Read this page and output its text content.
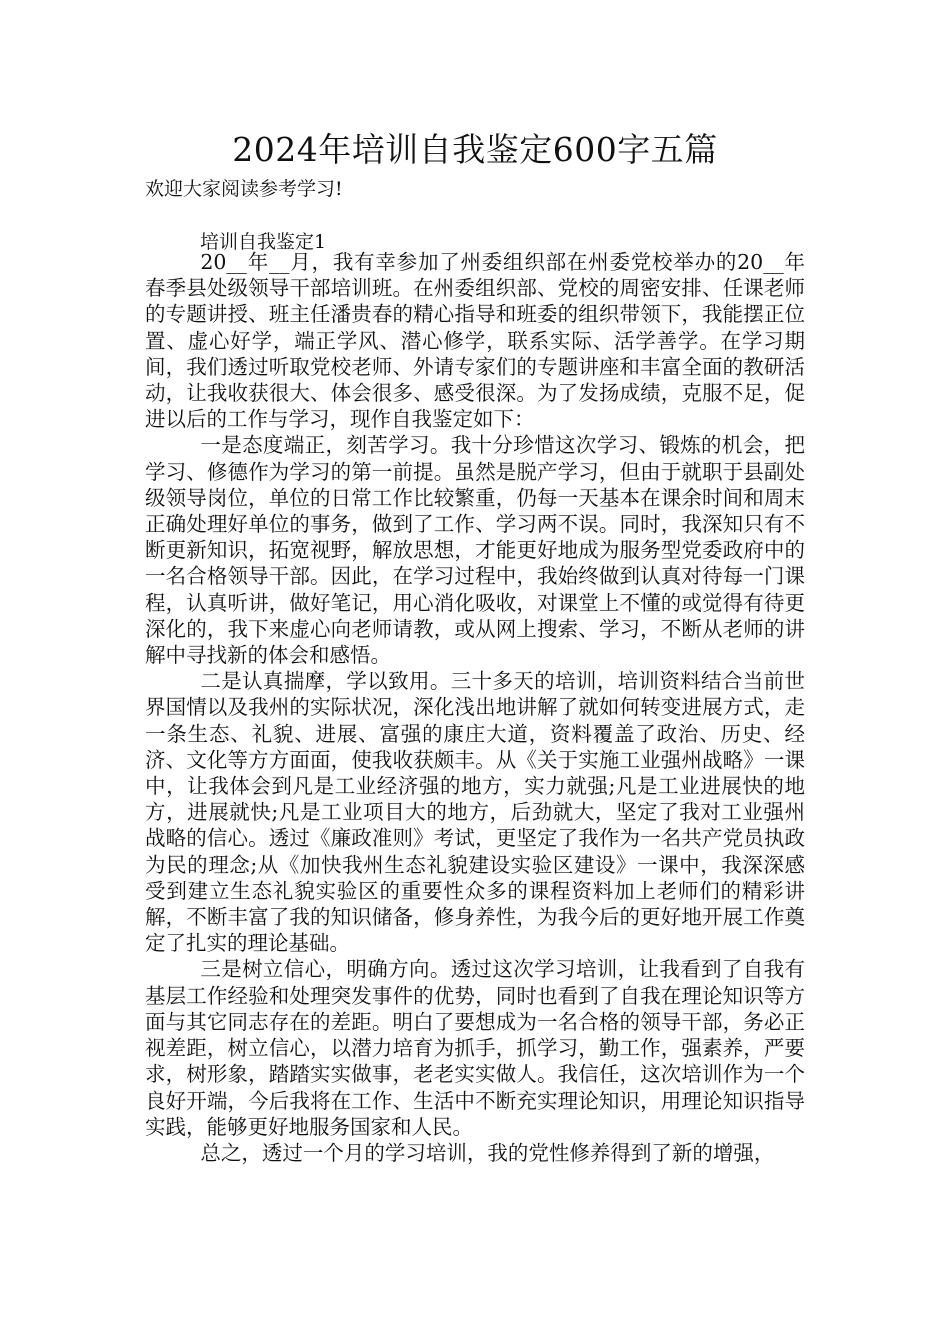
2024年培训自我鉴定600字五篇
欢迎大家阅读参考学习!
培训自我鉴定1

20__年__月，我有幸参加了州委组织部在州委党校举办的20__年春季县处级领导干部培训班。在州委组织部、党校的周密安排、任课老师的专题讲授、班主任潘贵春的精心指导和班委的组织带领下，我能摆正位置、虚心好学，端正学风、潜心修学，联系实际、活学善学。在学习期间，我们透过听取党校老师、外请专家们的专题讲座和丰富全面的教研活动，让我收获很大、体会很多、感受很深。为了发扬成绩，克服不足，促进以后的工作与学习，现作自我鉴定如下：

一是态度端正，刻苦学习。我十分珍惜这次学习、锻炼的机会，把学习、修德作为学习的第一前提。虽然是脱产学习，但由于就职于县副处级领导岗位，单位的日常工作比较繁重，仍每一天基本在课余时间和周末正确处理好单位的事务，做到了工作、学习两不误。同时，我深知只有不断更新知识，拓宽视野，解放思想，才能更好地成为服务型党委政府中的一名合格领导干部。因此，在学习过程中，我始终做到认真对待每一门课程，认真听讲，做好笔记，用心消化吸收，对课堂上不懂的或觉得有待更深化的，我下来虚心向老师请教，或从网上搜索、学习，不断从老师的讲解中寻找新的体会和感悟。

二是认真揣摩，学以致用。三十多天的培训，培训资料结合当前世界国情以及我州的实际状况，深化浅出地讲解了就如何转变进展方式，走一条生态、礼貌、进展、富强的康庄大道，资料覆盖了政治、历史、经济、文化等方方面面，使我收获颇丰。从《关于实施工业强州战略》一课中，让我体会到凡是工业经济强的地方，实力就强;凡是工业进展快的地方，进展就快;凡是工业项目大的地方，后劲就大，坚定了我对工业强州战略的信心。透过《廉政准则》考试，更坚定了我作为一名共产党员执政为民的理念;从《加快我州生态礼貌建设实验区建设》一课中，我深深感受到建立生态礼貌实验区的重要性众多的课程资料加上老师们的精彩讲解，不断丰富了我的知识储备，修身养性，为我今后的更好地开展工作奠定了扎实的理论基础。

三是树立信心，明确方向。透过这次学习培训，让我看到了自我有基层工作经验和处理突发事件的优势，同时也看到了自我在理论知识等方面与其它同志存在的差距。明白了要想成为一名合格的领导干部，务必正视差距，树立信心，以潜力培育为抓手，抓学习，勤工作，强素养，严要求，树形象，踏踏实实做事，老老实实做人。我信任，这次培训作为一个良好开端，今后我将在工作、生活中不断充实理论知识，用理论知识指导实践，能够更好地服务国家和人民。

总之，透过一个月的学习培训，我的党性修养得到了新的增强，
